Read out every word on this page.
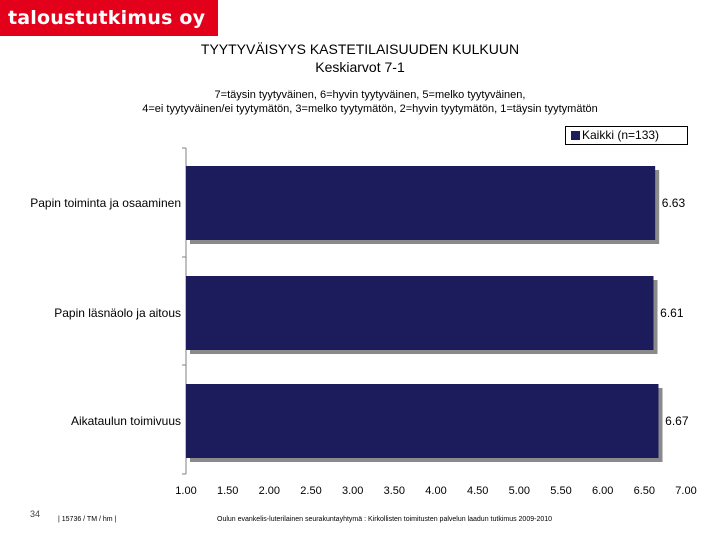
taloustutkimus oy
TYYTYVÄISYYS KASTETILAISUUDEN KULKUUN
Keskiarvot 7-1
7=täysin tyytyväinen, 6=hyvin tyytyväinen, 5=melko tyytyväinen,
4=ei tyytyväinen/ei tyytymätön, 3=melko tyytymätön, 2=hyvin tyytymätön, 1=täysin tyytymätön
Kaikki (n=133)
Papin toiminta ja osaaminen	6.63
Papin läsnäolo ja aitous	6.61
Aikataulun toimivuus	6.67
1.00 1.50 2.00 2.50 3.00 3.50 4.00 4.50 5.00 5.50 6.00 6.50 7.00
34
| 15736 / TM / hm |	Oulun evankelis-luterilainen seurakuntayhtymä : Kirkollisten toimitusten palvelun laadun tutkimus 2009-2010
